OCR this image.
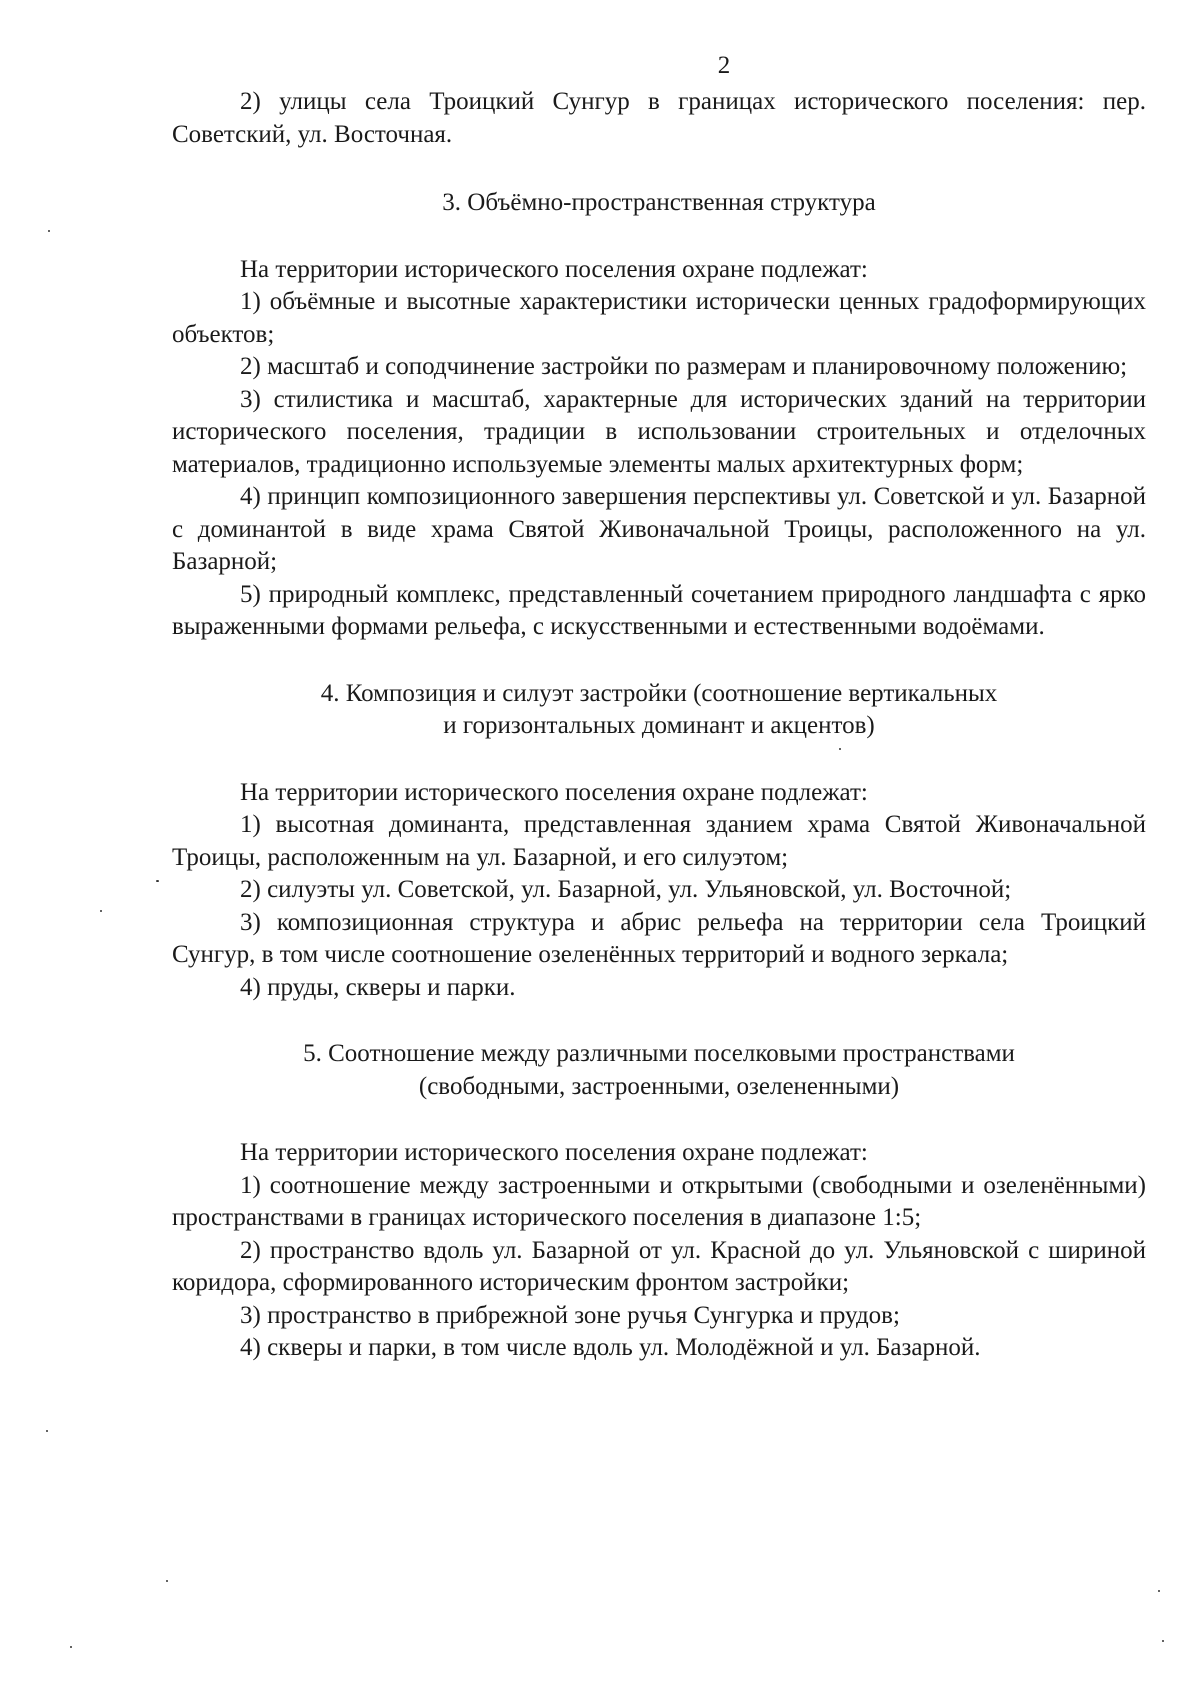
2

2) улицы села Троицкий Сунгур в границах исторического поселения: пер. Советский, ул. Восточная.

3. Объёмно-пространственная структура

На территории исторического поселения охране подлежат:

1) объёмные и высотные характеристики исторически ценных градоформирующих объектов;

2) масштаб и соподчинение застройки по размерам и планировочному положению;

3) стилистика и масштаб, характерные для исторических зданий на территории исторического поселения, традиции в использовании строительных и отделочных материалов, традиционно используемые элементы малых архитектурных форм;

4) принцип композиционного завершения перспективы ул. Советской и ул. Базарной с доминантой в виде храма Святой Живоначальной Троицы, расположенного на ул. Базарной;

5) природный комплекс, представленный сочетанием природного ландшафта с ярко выраженными формами рельефа, с искусственными и естественными водоёмами.

4. Композиция и силуэт застройки (соотношение вертикальных
и горизонтальных доминант и акцентов)

На территории исторического поселения охране подлежат:

1) высотная доминанта, представленная зданием храма Святой Живоначальной Троицы, расположенным на ул. Базарной, и его силуэтом;

2) силуэты ул. Советской, ул. Базарной, ул. Ульяновской, ул. Восточной;

3) композиционная структура и абрис рельефа на территории села Троицкий Сунгур, в том числе соотношение озеленённых территорий и водного зеркала;

4) пруды, скверы и парки.

5. Соотношение между различными поселковыми пространствами
(свободными, застроенными, озелененными)

На территории исторического поселения охране подлежат:

1) соотношение между застроенными и открытыми (свободными и озеленёнными) пространствами в границах исторического поселения в диапазоне 1:5;

2) пространство вдоль ул. Базарной от ул. Красной до ул. Ульяновской с шириной коридора, сформированного историческим фронтом застройки;

3) пространство в прибрежной зоне ручья Сунгурка и прудов;

4) скверы и парки, в том числе вдоль ул. Молодёжной и ул. Базарной.
